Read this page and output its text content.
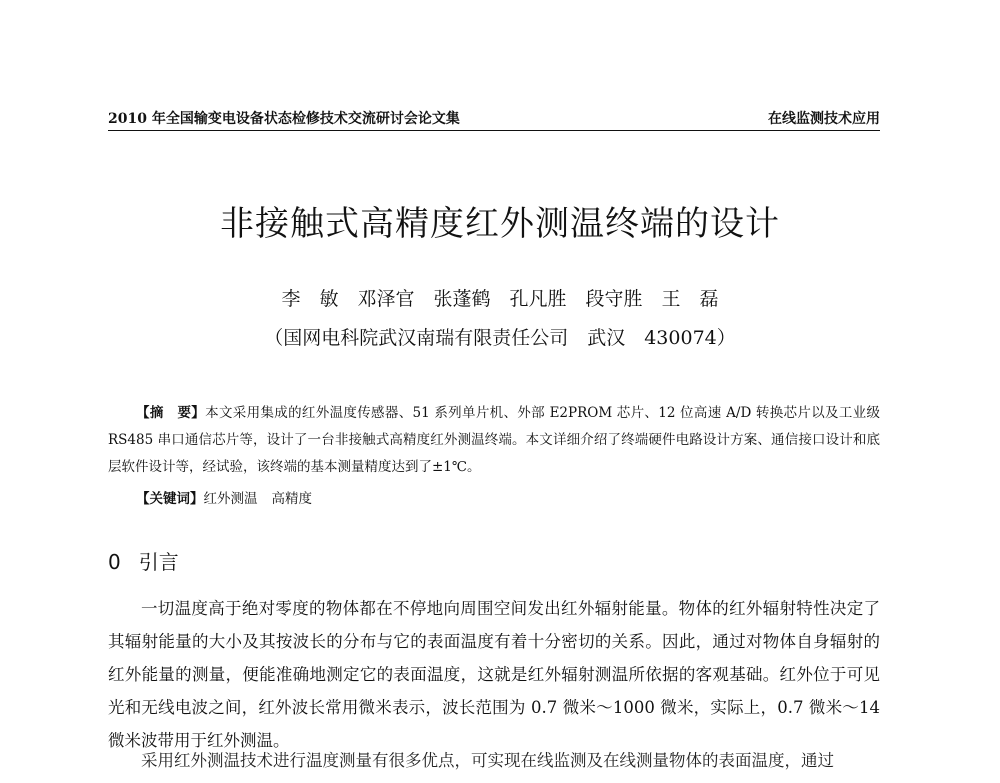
2010 年全国输变电设备状态检修技术交流研讨会论文集	在线监测技术应用
非接触式高精度红外测温终端的设计
李　敏　邓泽官　张蓬鹤　孔凡胜　段守胜　王　磊
（国网电科院武汉南瑞有限责任公司　武汉　430074）
【摘　要】本文采用集成的红外温度传感器、51 系列单片机、外部 E2PROM 芯片、12 位高速 A/D 转换芯片以及工业级 RS485 串口通信芯片等，设计了一台非接触式高精度红外测温终端。本文详细介绍了终端硬件电路设计方案、通信接口设计和底层软件设计等，经试验，该终端的基本测量精度达到了±1℃。
【关键词】红外测温 高精度
0 引言
一切温度高于绝对零度的物体都在不停地向周围空间发出红外辐射能量。物体的红外辐射特性决定了其辐射能量的大小及其按波长的分布与它的表面温度有着十分密切的关系。因此，通过对物体自身辐射的红外能量的测量，便能准确地测定它的表面温度，这就是红外辐射测温所依据的客观基础。红外位于可见光和无线电波之间，红外波长常用微米表示，波长范围为 0.7 微米～1000 微米，实际上，0.7 微米～14 微米波带用于红外测温。
采用红外测温技术进行温度测量有很多优点，可实现在线监测及在线测量物体的表面温度，通过
